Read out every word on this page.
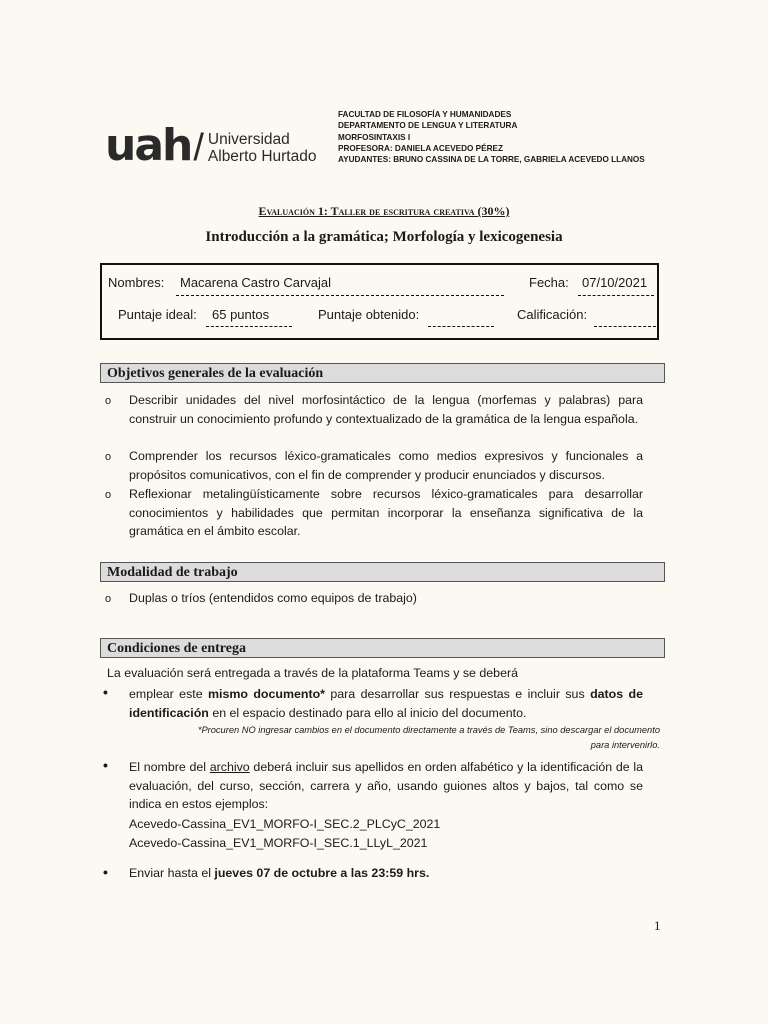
uah / Universidad
Alberto Hurtado
FACULTAD DE FILOSOFÍA Y HUMANIDADES
DEPARTAMENTO DE LENGUA Y LITERATURA
MORFOSINTAXIS I
PROFESORA: DANIELA ACEVEDO PÉREZ
AYUDANTES: BRUNO CASSINA DE LA TORRE, GABRIELA ACEVEDO LLANOS
Evaluación 1: Taller de escritura creativa (30%)
Introducción a la gramática; Morfología y lexicogenesia
Nombres: Macarena Castro Carvajal	Fecha: 07/10/2021
Puntaje ideal: 65 puntos	Puntaje obtenido:	Calificación:
Objetivos generales de la evaluación
o Describir unidades del nivel morfosintáctico de la lengua (morfemas y palabras) para construir un conocimiento profundo y contextualizado de la gramática de la lengua española.
o Comprender los recursos léxico-gramaticales como medios expresivos y funcionales a propósitos comunicativos, con el fin de comprender y producir enunciados y discursos.
o Reflexionar metalingüísticamente sobre recursos léxico-gramaticales para desarrollar conocimientos y habilidades que permitan incorporar la enseñanza significativa de la gramática en el ámbito escolar.
Modalidad de trabajo
o Duplas o tríos (entendidos como equipos de trabajo)
Condiciones de entrega
La evaluación será entregada a través de la plataforma Teams y se deberá
• emplear este mismo documento* para desarrollar sus respuestas e incluir sus datos de identificación en el espacio destinado para ello al inicio del documento.
*Procuren NO ingresar cambios en el documento directamente a través de Teams, sino descargar el documento
para intervenirlo.
• El nombre del archivo deberá incluir sus apellidos en orden alfabético y la identificación de la evaluación, del curso, sección, carrera y año, usando guiones altos y bajos, tal como se indica en estos ejemplos:
Acevedo-Cassina_EV1_MORFO-I_SEC.2_PLCyC_2021
Acevedo-Cassina_EV1_MORFO-I_SEC.1_LLyL_2021
• Enviar hasta el jueves 07 de octubre a las 23:59 hrs.
1
